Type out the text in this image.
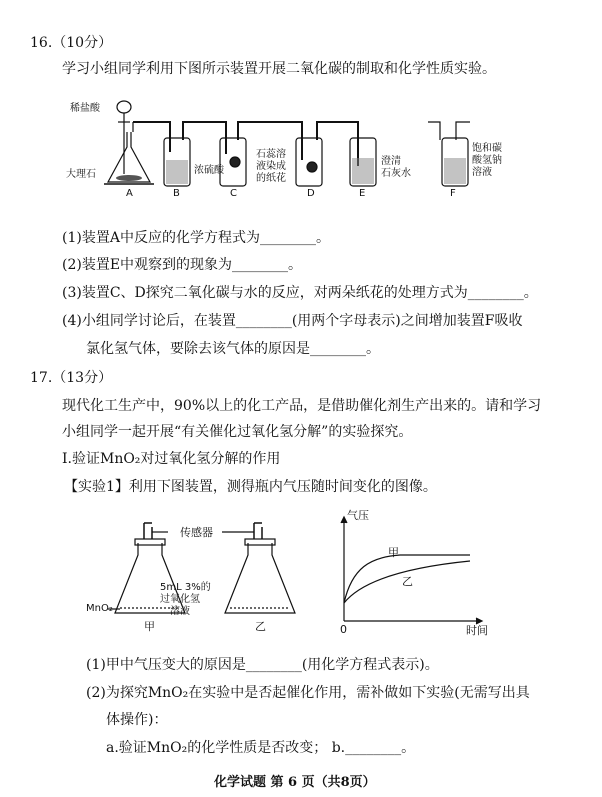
16.（10分）
学习小组同学利用下图所示装置开展二氧化碳的制取和化学性质实验。
稀盐酸
大理石	浓硫酸
石蕊溶
液染成
的纸花
澄清
石灰水
饱和碳
酸氢钠
溶液
A	B	C	D	E	F
(1)装置A中反应的化学方程式为________。
(2)装置E中观察到的现象为________。
(3)装置C、D探究二氧化碳与水的反应，对两朵纸花的处理方式为________。
(4)小组同学讨论后，在装置________(用两个字母表示)之间增加装置F吸收
氯化氢气体，要除去该气体的原因是________。
17.（13分）
现代化工生产中，90%以上的化工产品，是借助催化剂生产出来的。请和学习
小组同学一起开展“有关催化过氧化氢分解”的实验探究。
Ⅰ.验证MnO₂对过氧化氢分解的作用
【实验1】利用下图装置，测得瓶内气压随时间变化的图像。
传感器
5mL 3%的
过氧化氢
溶液
MnO₂
甲	乙
气压
时间
0
甲
乙
(1)甲中气压变大的原因是________(用化学方程式表示)。
(2)为探究MnO₂在实验中是否起催化作用，需补做如下实验(无需写出具
体操作)：
a.验证MnO₂的化学性质是否改变； b.________。
化学试题 第 6 页（共8页）
